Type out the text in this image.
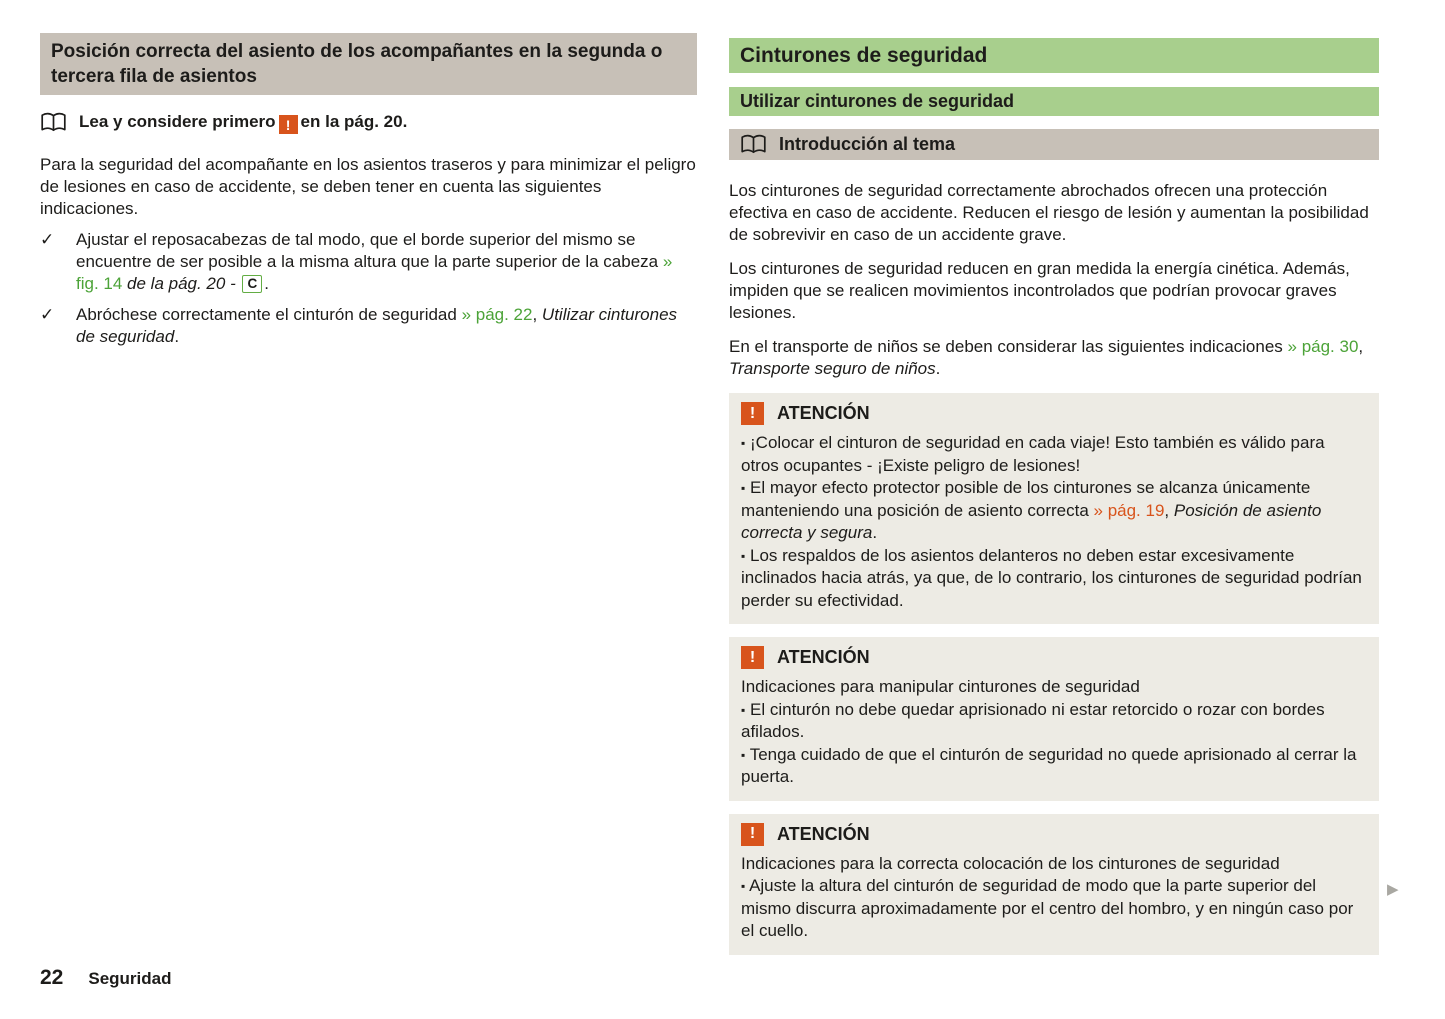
Posición correcta del asiento de los acompañantes en la segunda o tercera fila de asientos

Lea y considere primero ! en la pág. 20.

Para la seguridad del acompañante en los asientos traseros y para minimizar el peligro de lesiones en caso de accidente, se deben tener en cuenta las siguientes indicaciones.

✓	Ajustar el reposacabezas de tal modo, que el borde superior del mismo se encuentre de ser posible a la misma altura que la parte superior de la cabeza » fig. 14 de la pág. 20 - C .

✓	Abróchese correctamente el cinturón de seguridad » pág. 22, Utilizar cinturones de seguridad.

Cinturones de seguridad
Utilizar cinturones de seguridad
Introducción al tema

Los cinturones de seguridad correctamente abrochados ofrecen una protección efectiva en caso de accidente. Reducen el riesgo de lesión y aumentan la posibilidad de sobrevivir en caso de un accidente grave.

Los cinturones de seguridad reducen en gran medida la energía cinética. Además, impiden que se realicen movimientos incontrolados que podrían provocar graves lesiones.

En el transporte de niños se deben considerar las siguientes indicaciones » pág. 30, Transporte seguro de niños.

! ATENCIÓN

▪ ¡Colocar el cinturon de seguridad en cada viaje! Esto también es válido para otros ocupantes - ¡Existe peligro de lesiones!

▪ El mayor efecto protector posible de los cinturones se alcanza únicamente manteniendo una posición de asiento correcta » pág. 19, Posición de asiento correcta y segura.

▪ Los respaldos de los asientos delanteros no deben estar excesivamente inclinados hacia atrás, ya que, de lo contrario, los cinturones de seguridad podrían perder su efectividad.

! ATENCIÓN

Indicaciones para manipular cinturones de seguridad

▪ El cinturón no debe quedar aprisionado ni estar retorcido o rozar con bordes afilados.

▪ Tenga cuidado de que el cinturón de seguridad no quede aprisionado al cerrar la puerta.

! ATENCIÓN

Indicaciones para la correcta colocación de los cinturones de seguridad

▪ Ajuste la altura del cinturón de seguridad de modo que la parte superior del mismo discurra aproximadamente por el centro del hombro, y en ningún caso por el cuello.

▶
22 Seguridad
